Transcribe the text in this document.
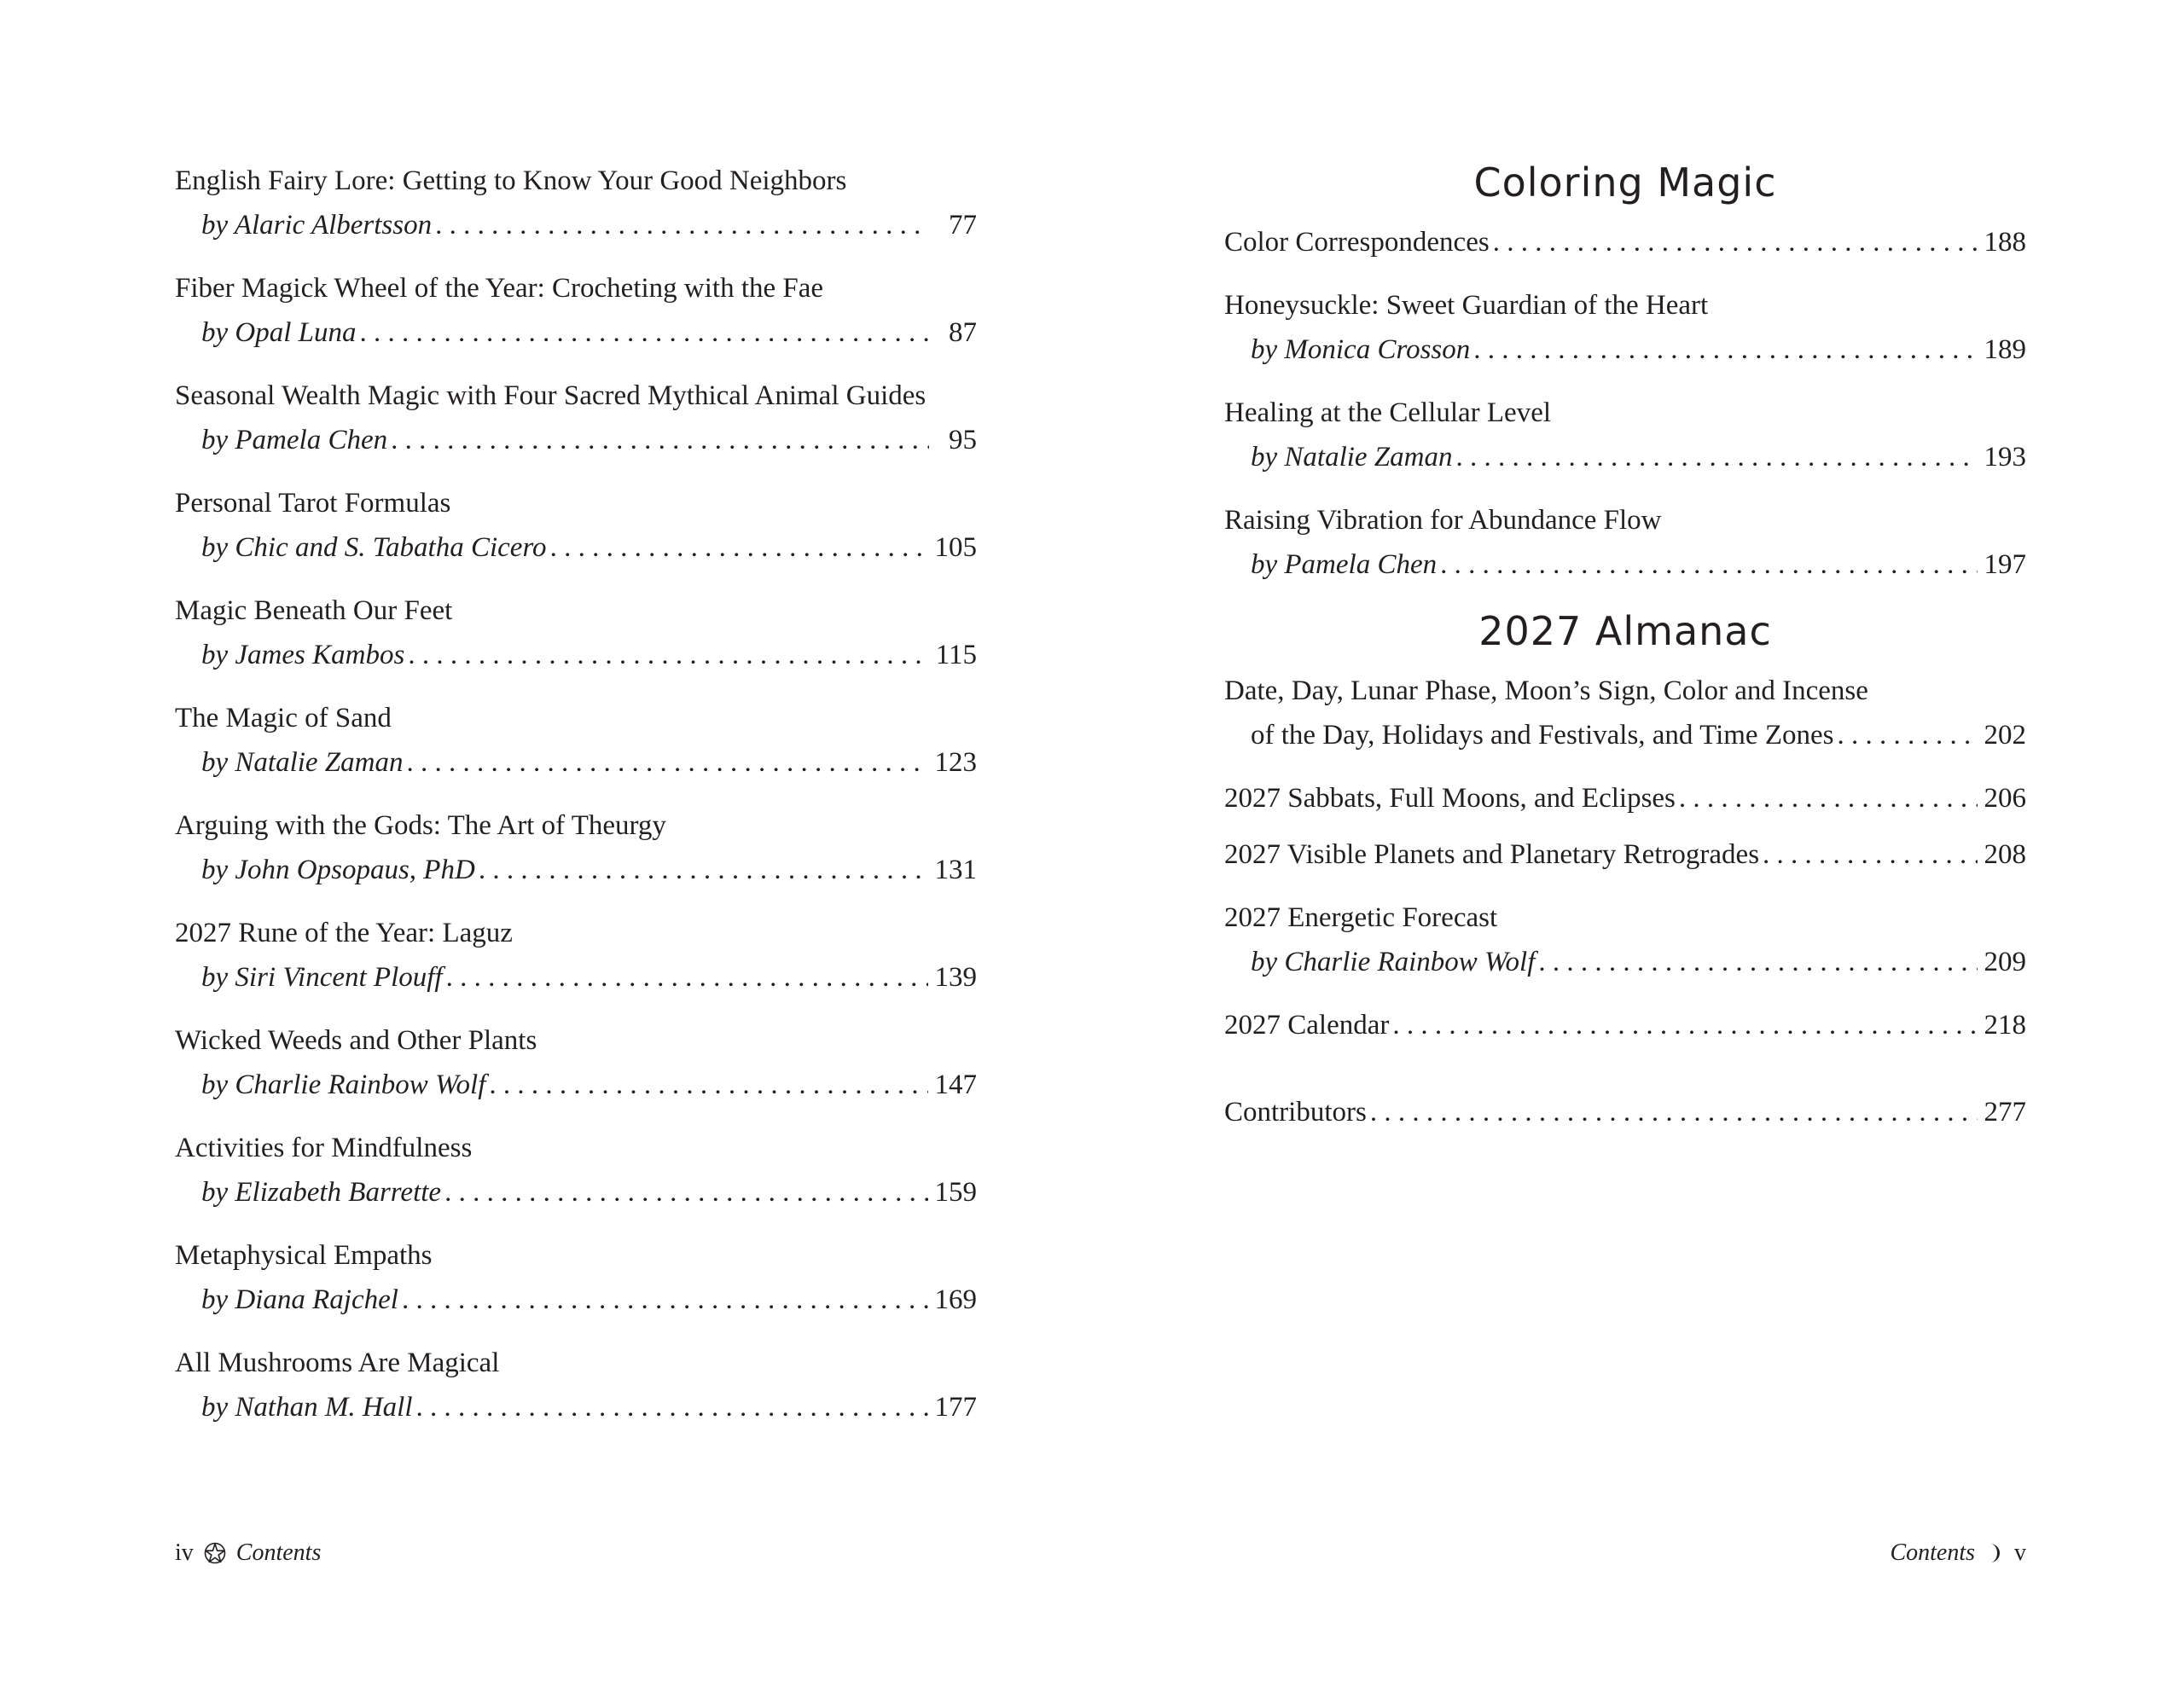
English Fairy Lore: Getting to Know Your Good Neighbors
by Alaric Albertsson . . .	77
Fiber Magick Wheel of the Year: Crocheting with the Fae
by Opal Luna . . .	87
Seasonal Wealth Magic with Four Sacred Mythical Animal Guides
by Pamela Chen . . .	95
Personal Tarot Formulas
by Chic and S. Tabatha Cicero . . .	105
Magic Beneath Our Feet
by James Kambos . . .	115
The Magic of Sand
by Natalie Zaman . . .	123
Arguing with the Gods: The Art of Theurgy
by John Opsopaus, PhD . . .	131
2027 Rune of the Year: Laguz
by Siri Vincent Plouff . . .	139
Wicked Weeds and Other Plants
by Charlie Rainbow Wolf . . .	147
Activities for Mindfulness
by Elizabeth Barrette . . .	159
Metaphysical Empaths
by Diana Rajchel . . .	169
All Mushrooms Are Magical
by Nathan M. Hall . . .	177
Coloring Magic
Color Correspondences . . .	188
Honeysuckle: Sweet Guardian of the Heart
by Monica Crosson . . .	189
Healing at the Cellular Level
by Natalie Zaman . . .	193
Raising Vibration for Abundance Flow
by Pamela Chen . . .	197
2027 Almanac
Date, Day, Lunar Phase, Moon’s Sign, Color and Incense
of the Day, Holidays and Festivals, and Time Zones . . .	202
2027 Sabbats, Full Moons, and Eclipses . . .	206
2027 Visible Planets and Planetary Retrogrades . . .	208
2027 Energetic Forecast
by Charlie Rainbow Wolf . . .	209
2027 Calendar . . .	218
Contributors . . .	277
iv Contents	Contents v
